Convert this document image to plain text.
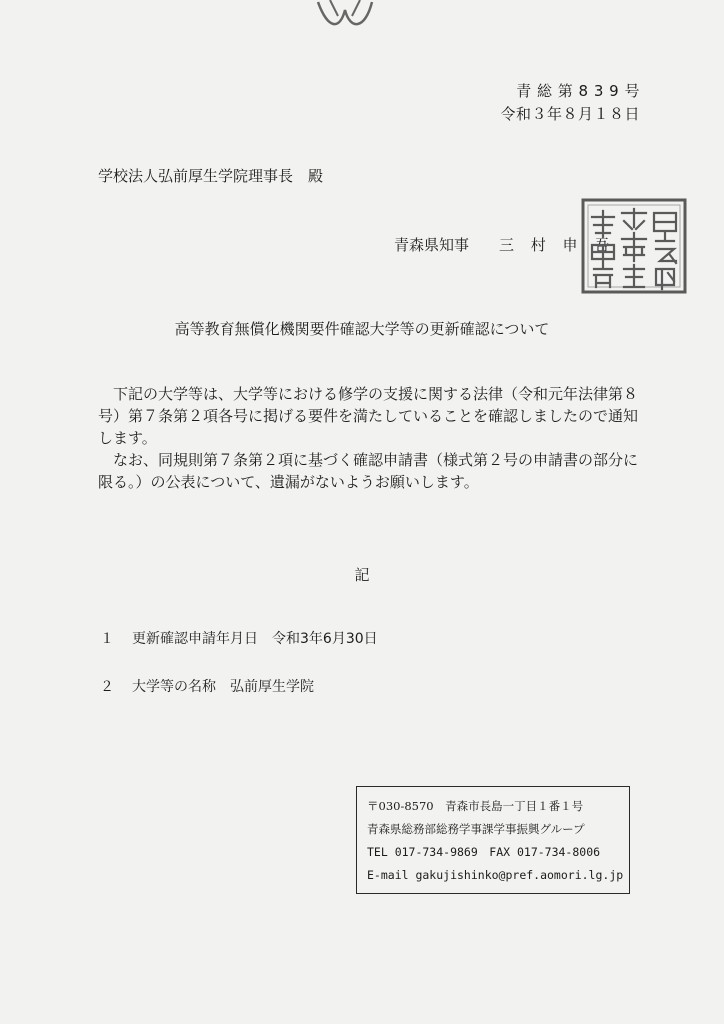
青 総 第 8 3 9 号
令和３年８月１８日
学校法人弘前厚生学院理事長　殿
青森県知事 三 村 申 吾
高等教育無償化機関要件確認大学等の更新確認について

下記の大学等は、大学等における修学の支援に関する法律（令和元年法律第８号）第７条第２項各号に掲げる要件を満たしていることを確認しましたので通知します。

なお、同規則第７条第２項に基づく確認申請書（様式第２号の申請書の部分に限る。）の公表について、遺漏がないようお願いします。

記
１ 更新確認申請年月日 令和3年6月30日
２ 大学等の名称 弘前厚生学院
〒030-8570　青森市長島一丁目１番１号
青森県総務部総務学事課学事振興グループ
TEL 017-734-9869　FAX 017-734-8006
E-mail gakujishinko@pref.aomori.lg.jp
